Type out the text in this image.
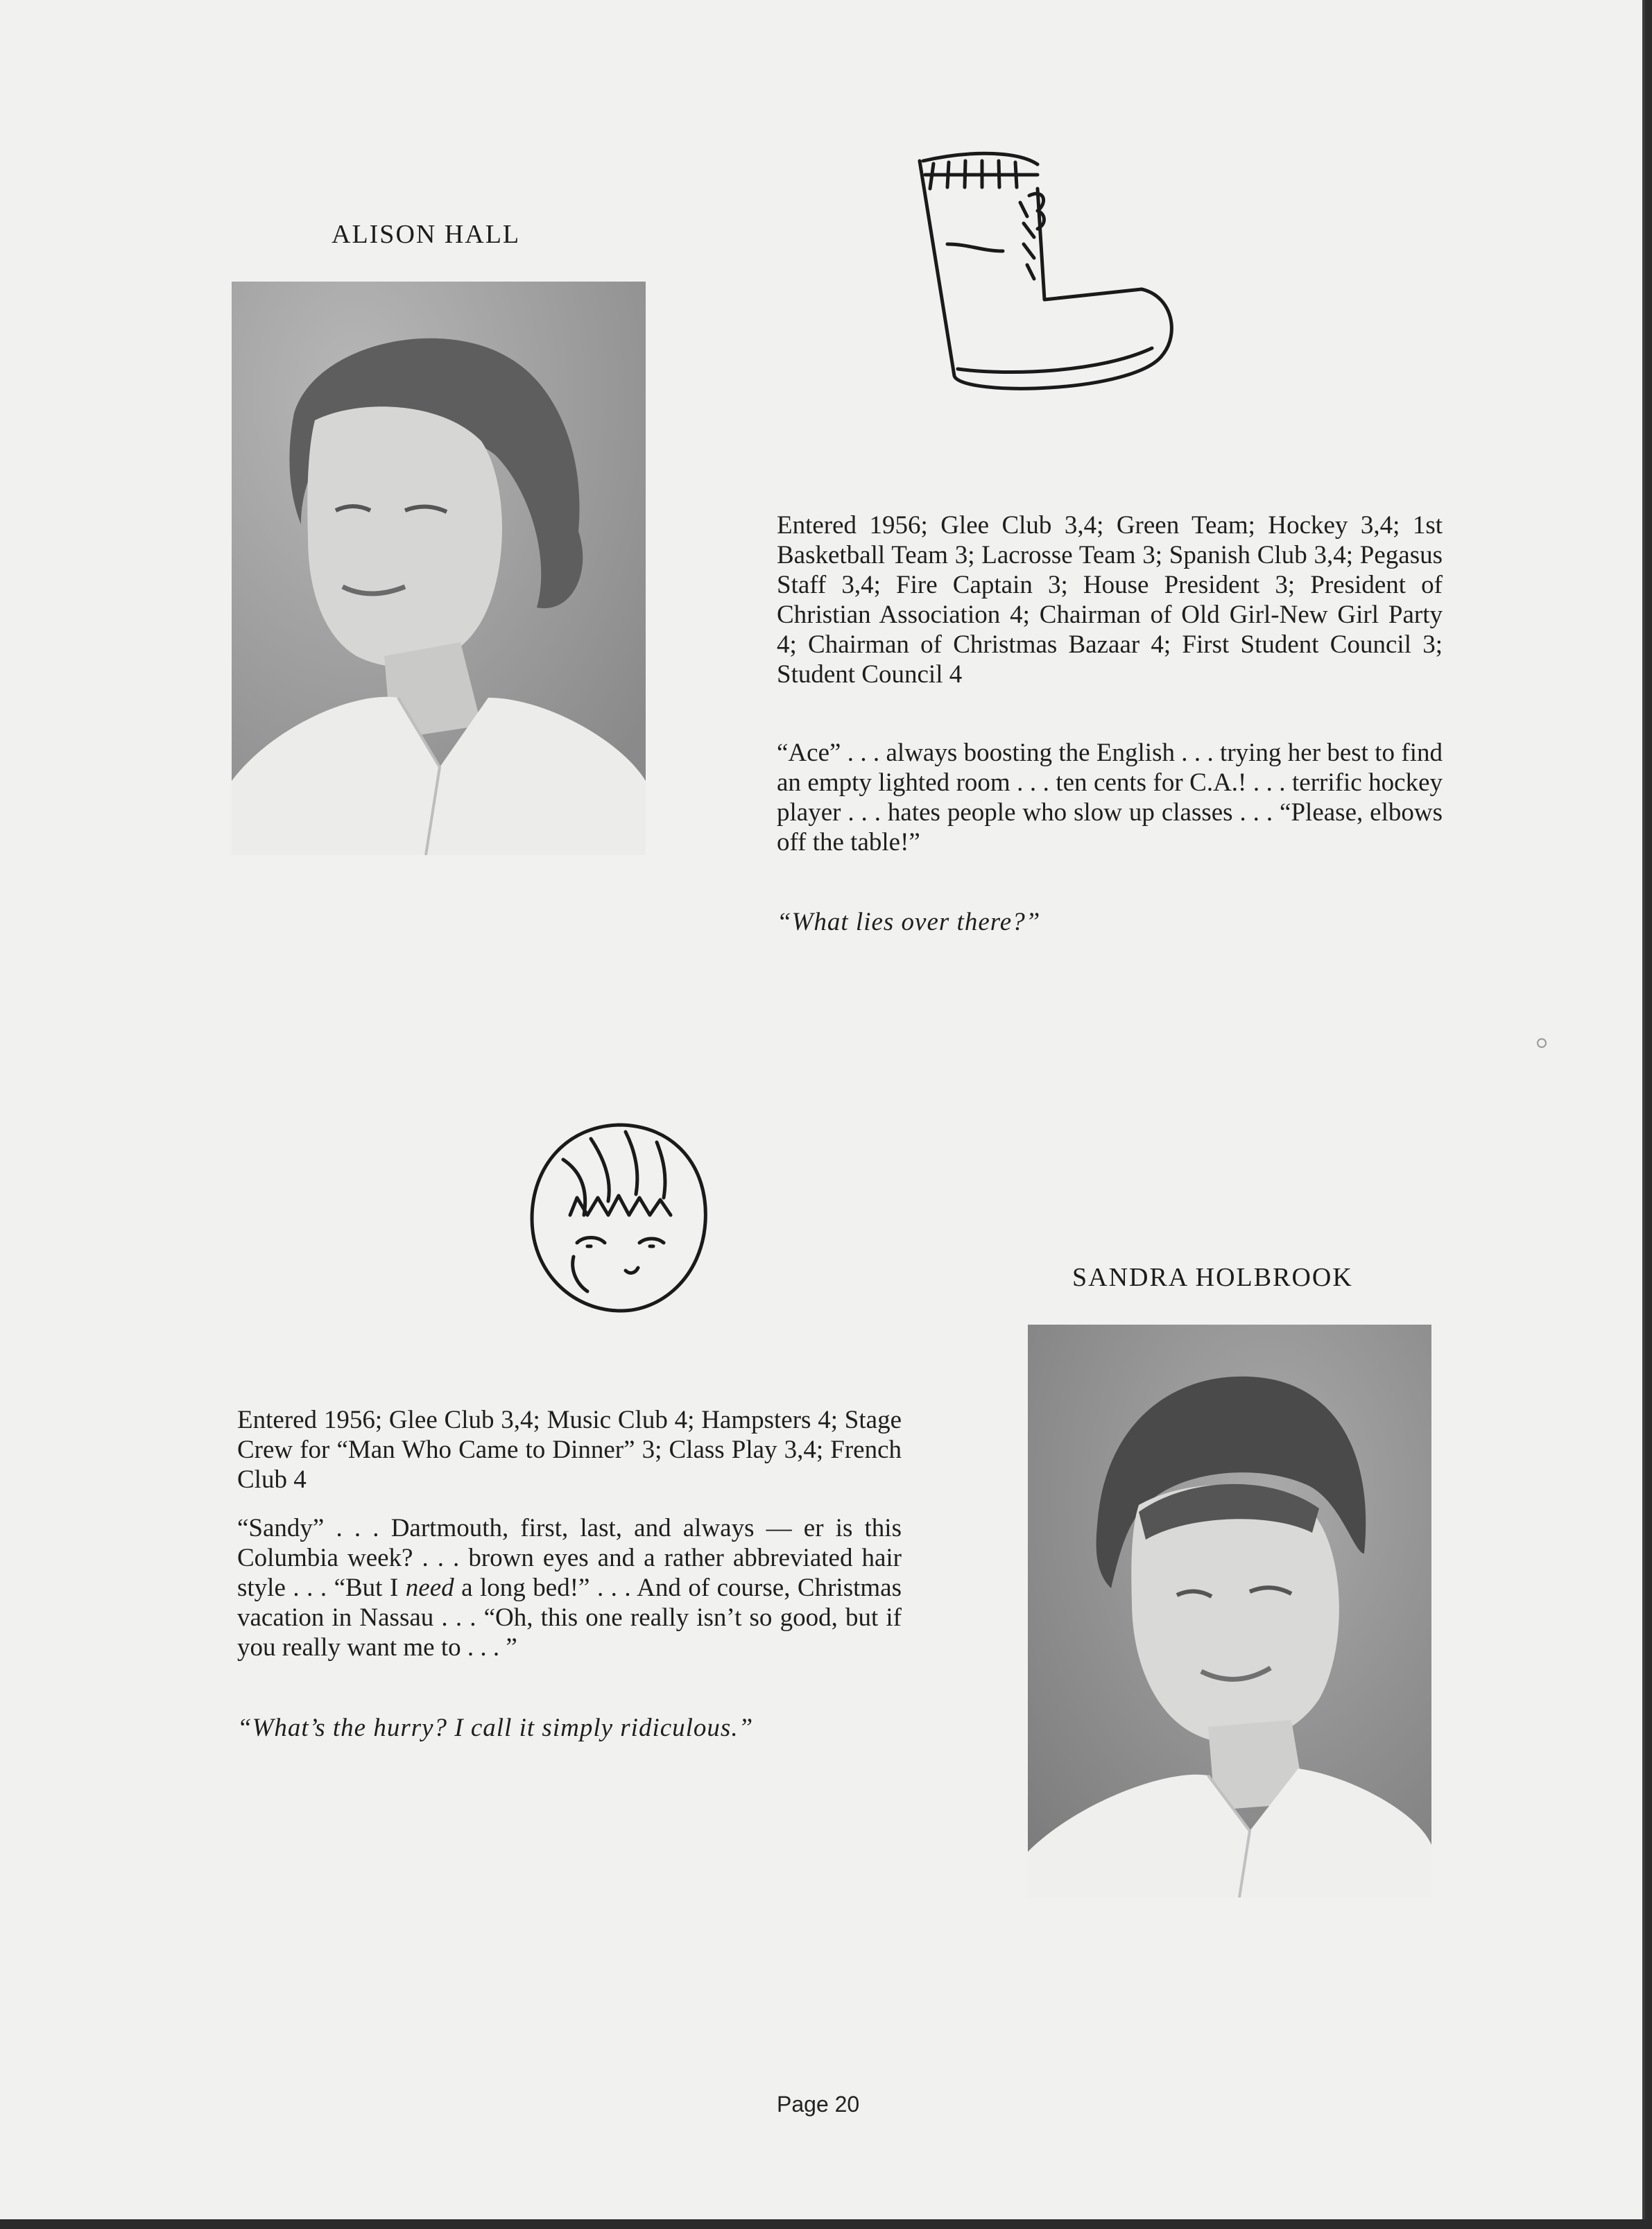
ALISON HALL

Entered 1956; Glee Club 3,4; Green Team; Hockey 3,4; 1st Basketball Team 3; Lacrosse Team 3; Spanish Club 3,4; Pegasus Staff 3,4; Fire Captain 3; House President 3; President of Christian Association 4; Chairman of Old Girl-New Girl Party 4; Chairman of Christmas Bazaar 4; First Student Council 3; Student Council 4

“Ace” . . . always boosting the English . . . trying her best to find an empty lighted room . . . ten cents for C.A.! . . . terrific hockey player . . . hates people who slow up classes . . . “Please, elbows off the table!”

“What lies over there?”

SANDRA HOLBROOK

Entered 1956; Glee Club 3,4; Music Club 4; Hampsters 4; Stage Crew for “Man Who Came to Dinner” 3; Class Play 3,4; French Club 4

“Sandy” . . . Dartmouth, first, last, and always — er is this Columbia week? . . . brown eyes and a rather abbreviated hair style . . . “But I need a long bed!” . . . And of course, Christmas vacation in Nassau . . . “Oh, this one really isn’t so good, but if you really want me to . . . ”

“What’s the hurry? I call it simply ridiculous.”

Page 20
